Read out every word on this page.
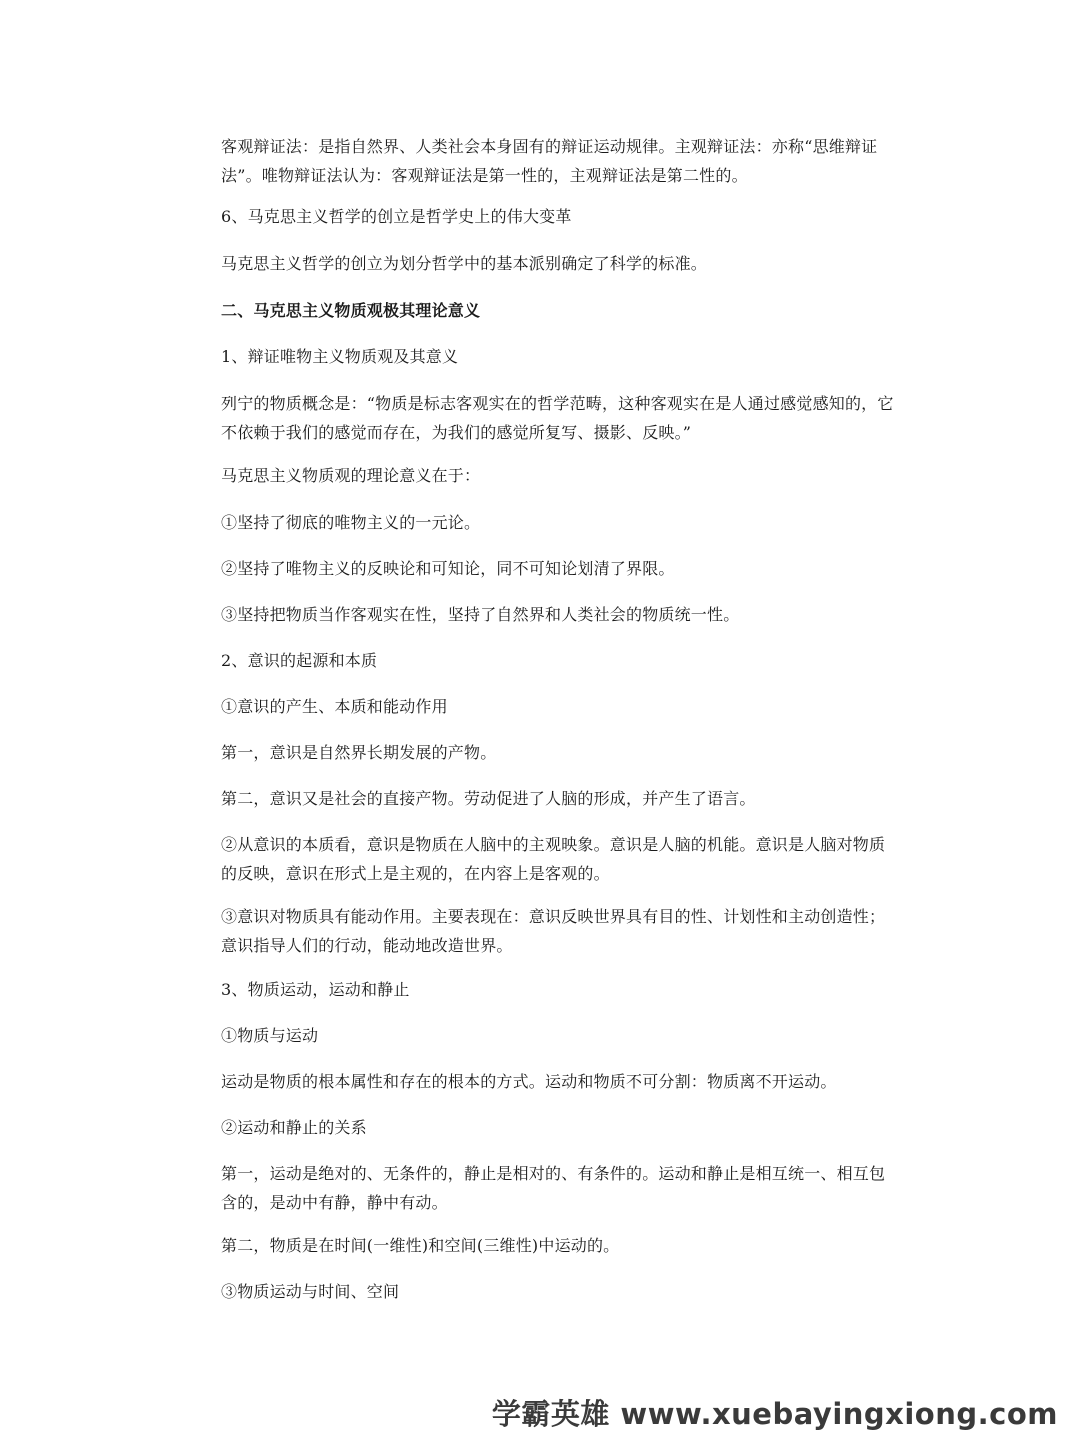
客观辩证法：是指自然界、人类社会本身固有的辩证运动规律。主观辩证法：亦称“思维辩证法”。唯物辩证法认为：客观辩证法是第一性的，主观辩证法是第二性的。
6、马克思主义哲学的创立是哲学史上的伟大变革
马克思主义哲学的创立为划分哲学中的基本派别确定了科学的标准。
二、马克思主义物质观极其理论意义
1、辩证唯物主义物质观及其意义
列宁的物质概念是：“物质是标志客观实在的哲学范畴，这种客观实在是人通过感觉感知的，它不依赖于我们的感觉而存在，为我们的感觉所复写、摄影、反映。”
马克思主义物质观的理论意义在于：
①坚持了彻底的唯物主义的一元论。
②坚持了唯物主义的反映论和可知论，同不可知论划清了界限。
③坚持把物质当作客观实在性，坚持了自然界和人类社会的物质统一性。
2、意识的起源和本质
①意识的产生、本质和能动作用
第一，意识是自然界长期发展的产物。
第二，意识又是社会的直接产物。劳动促进了人脑的形成，并产生了语言。
②从意识的本质看，意识是物质在人脑中的主观映象。意识是人脑的机能。意识是人脑对物质的反映，意识在形式上是主观的，在内容上是客观的。
③意识对物质具有能动作用。主要表现在：意识反映世界具有目的性、计划性和主动创造性；意识指导人们的行动，能动地改造世界。
3、物质运动，运动和静止
①物质与运动
运动是物质的根本属性和存在的根本的方式。运动和物质不可分割：物质离不开运动。
②运动和静止的关系
第一，运动是绝对的、无条件的，静止是相对的、有条件的。运动和静止是相互统一、相互包含的，是动中有静，静中有动。
第二，物质是在时间(一维性)和空间(三维性)中运动的。
③物质运动与时间、空间
学霸英雄 www.xuebayingxiong.com
